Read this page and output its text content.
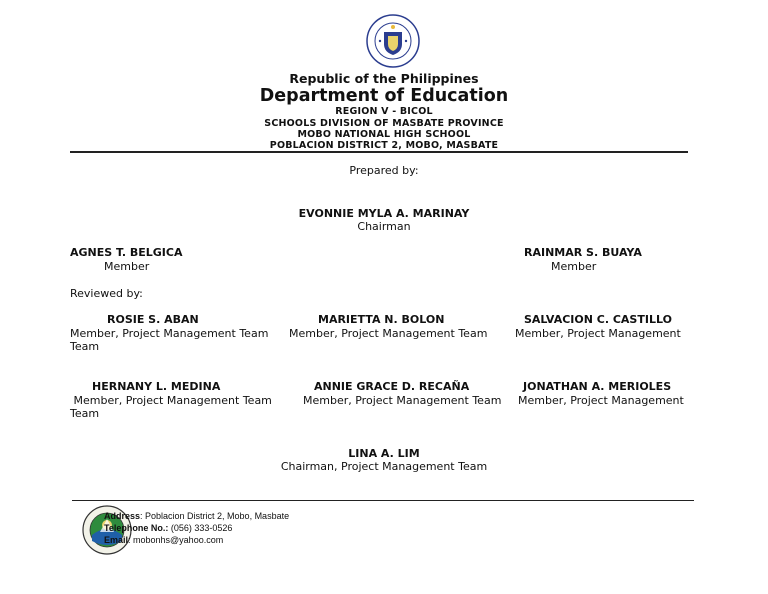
Republic of the Philippines
Department of Education
REGION V - BICOL
SCHOOLS DIVISION OF MASBATE PROVINCE
MOBO NATIONAL HIGH SCHOOL
POBLACION DISTRICT 2, MOBO, MASBATE
Prepared by:
EVONNIE MYLA A. MARINAY
Chairman
AGNES T. BELGICA
Member
RAINMAR S. BUAYA
Member
Reviewed by:
ROSIE S. ABAN
Member, Project Management Team
Team
MARIETTA N. BOLON
Member, Project Management Team
SALVACION C. CASTILLO
Member, Project Management
HERNANY L. MEDINA
Member, Project Management Team
Team
ANNIE GRACE D. RECAÑA
Member, Project Management Team
JONATHAN A. MERIOLES
Member, Project Management
LINA A. LIM
Chairman, Project Management Team
Address: Poblacion District 2, Mobo, Masbate
Telephone No.: (056) 333-0526
Email: mobonhs@yahoo.com
